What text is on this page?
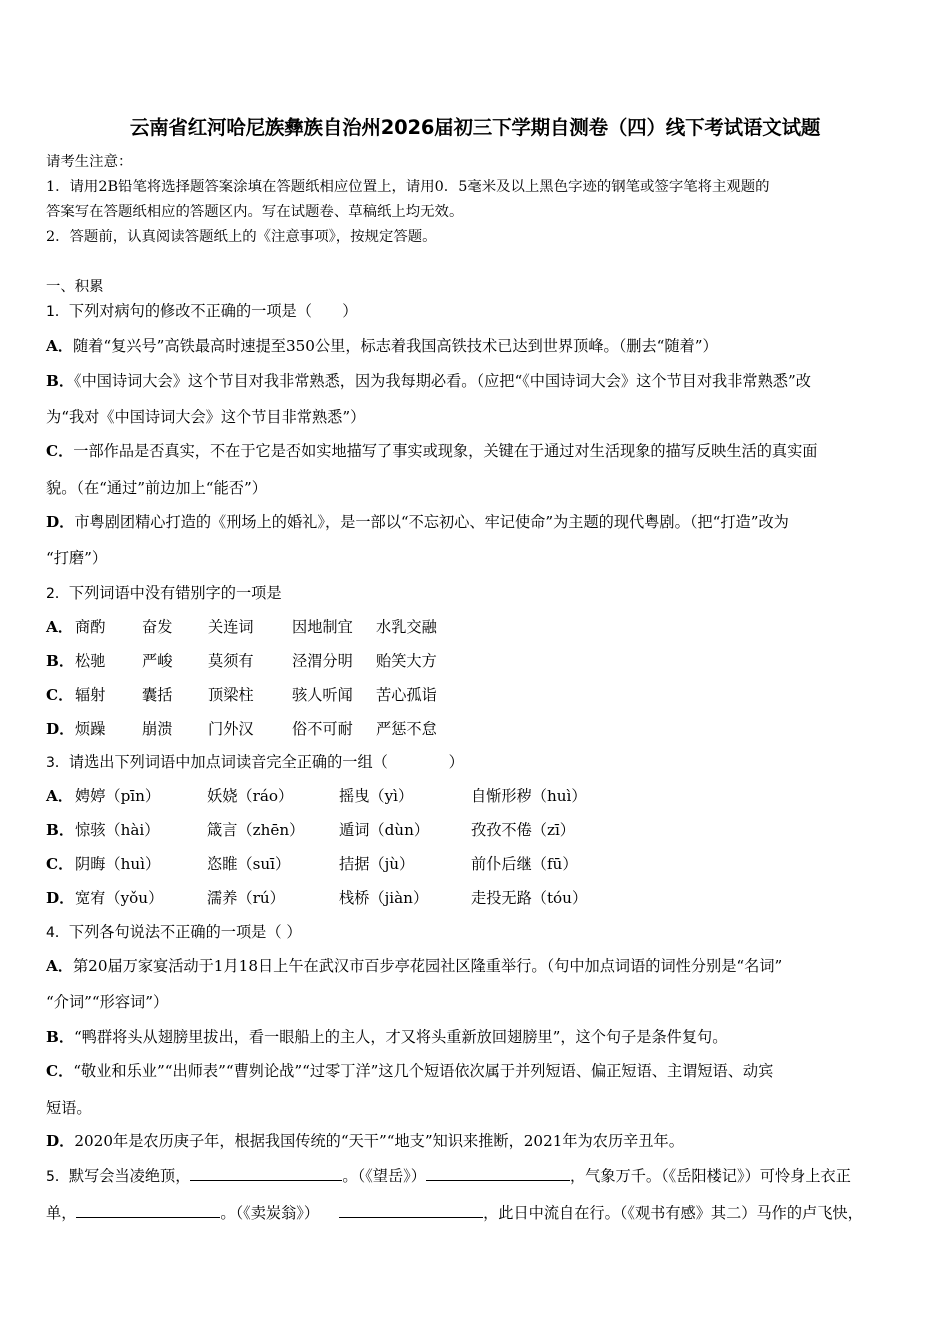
云南省红河哈尼族彝族自治州2026届初三下学期自测卷（四）线下考试语文试题
请考生注意：
1．请用2B铅笔将选择题答案涂填在答题纸相应位置上，请用0．5毫米及以上黑色字迹的钢笔或签字笔将主观题的
答案写在答题纸相应的答题区内。写在试题卷、草稿纸上均无效。
2．答题前，认真阅读答题纸上的《注意事项》，按规定答题。
一、积累
1．下列对病句的修改不正确的一项是（　　）
A．随着“复兴号”高铁最高时速提至350公里，标志着我国高铁技术已达到世界顶峰。（删去“随着”）
B．《中国诗词大会》这个节目对我非常熟悉，因为我每期必看。（应把“《中国诗词大会》这个节目对我非常熟悉”改
为“我对《中国诗词大会》这个节目非常熟悉”）
C．一部作品是否真实，不在于它是否如实地描写了事实或现象，关键在于通过对生活现象的描写反映生活的真实面
貌。（在“通过”前边加上“能否”）
D．市粤剧团精心打造的《刑场上的婚礼》，是一部以“不忘初心、牢记使命”为主题的现代粤剧。（把“打造”改为
“打磨”）
2．下列词语中没有错别字的一项是
A． 商酌 奋发 关连词	因地制宜 水乳交融
B． 松驰 严峻 莫须有	泾渭分明 贻笑大方
C． 辐射 囊括 顶梁柱	骇人听闻 苦心孤诣
D． 烦躁 崩溃 门外汉	俗不可耐 严惩不怠
3．请选出下列词语中加点词读音完全正确的一组（　　　　）
A． 娉婷（pīn）	妖娆（ráo）	摇曳（yì）	自惭形秽（huì）
B． 惊骇（hài）	箴言（zhēn） 遁词（dùn）	孜孜不倦（zī）
C． 阴晦（huì）	恣睢（suī）	拮据（jù）	前仆后继（fū）
D． 宽宥（yǒu）	濡养（rú）	栈桥（jiàn）	走投无路（tóu）
4．下列各句说法不正确的一项是（ ）
A．第20届万家宴活动于1月18日上午在武汉市百步亭花园社区隆重举行。（句中加点词语的词性分别是“名词”
“介词”“形容词”）
B．“鸭群将头从翅膀里拔出，看一眼船上的主人，才又将头重新放回翅膀里”，这个句子是条件复句。
C．“敬业和乐业”“出师表”“曹刿论战”“过零丁洋”这几个短语依次属于并列短语、偏正短语、主谓短语、动宾
短语。
D．2020年是农历庚子年，根据我国传统的“天干”“地支”知识来推断，2021年为农历辛丑年。
5．默写会当凌绝顶，	。（《望岳》）	，气象万千。（《岳阳楼记》）可怜身上衣正
单，	。（《卖炭翁》）	，此日中流自在行。（《观书有感》其二）马作的卢飞快，
